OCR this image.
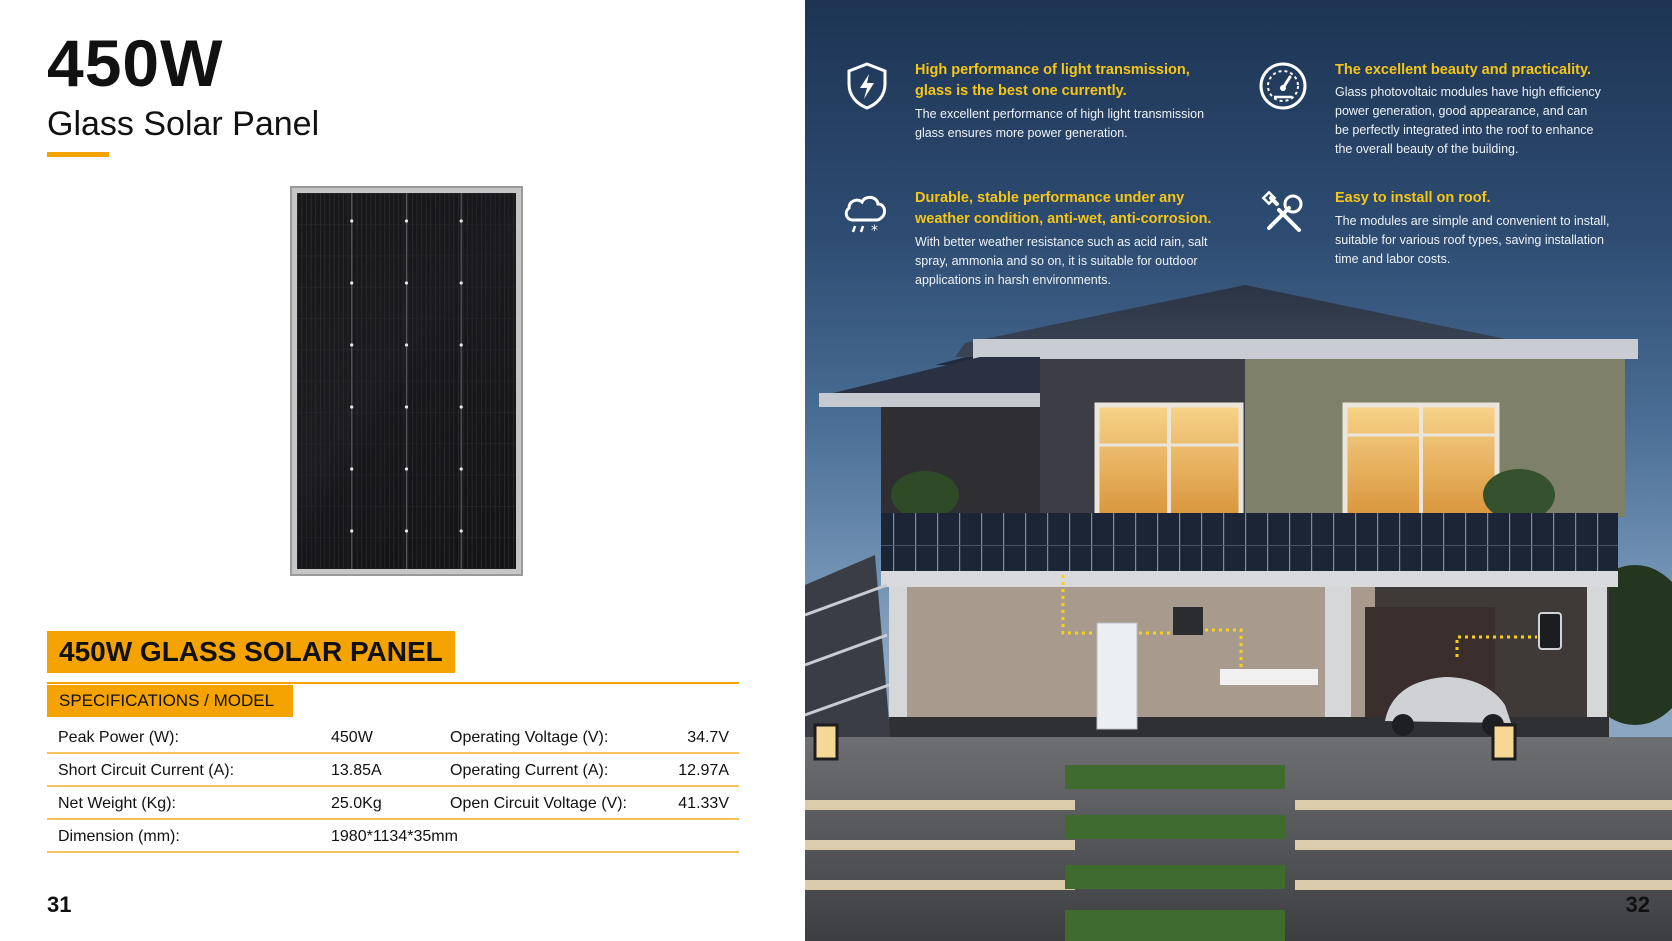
450W
Glass Solar Panel
450W GLASS SOLAR PANEL
SPECIFICATIONS / MODEL
Peak Power (W):	450W	Operating Voltage (V):	34.7V
Short Circuit Current (A):	13.85A	Operating Current (A):	12.97A
Net Weight (Kg):	25.0Kg	Open Circuit Voltage (V):	41.33V
Dimension (mm):	1980*1134*35mm
31
High performance of light transmission,
glass is the best one currently.
The excellent performance of high light transmission
glass ensures more power generation.
The excellent beauty and practicality.
Glass photovoltaic modules have high efficiency
power generation, good appearance, and can
be perfectly integrated into the roof to enhance
the overall beauty of the building.
*
Durable, stable performance under any
weather condition, anti-wet, anti-corrosion.
With better weather resistance such as acid rain, salt
spray, ammonia and so on, it is suitable for outdoor
applications in harsh environments.
Easy to install on roof.
The modules are simple and convenient to install,
suitable for various roof types, saving installation
time and labor costs.
32
